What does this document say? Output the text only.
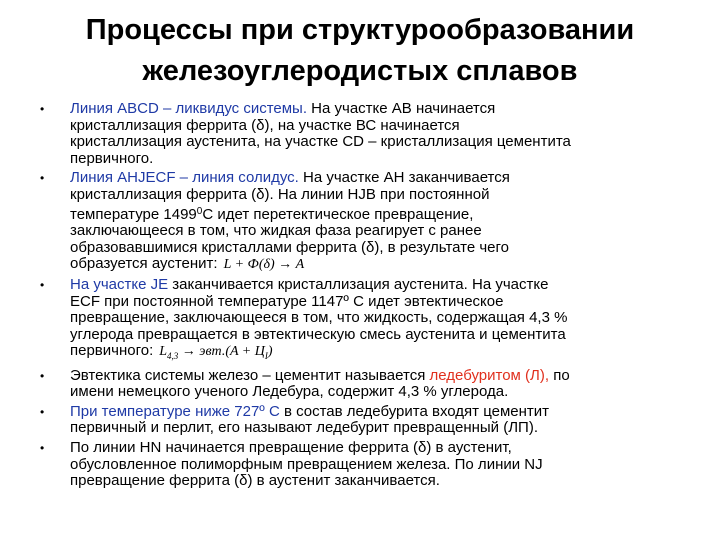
Процессы при структурообразовании
железоуглеродистых сплавов
•	Линия ABCD – ликвидус системы. На участке АВ начинается
кристаллизация феррита (δ), на участке ВС начинается
кристаллизация аустенита, на участке CD – кристаллизация цементита
первичного.
•	Линия AHJECF – линия солидус. На участке АН заканчивается
кристаллизация феррита (δ). На линии HJB при постоянной
температуре 1499$^0$С идет перетектическое превращение,
заключающееся в том, что жидкая фаза реагирует с ранее
образовавшимися кристаллами феррита (δ), в результате чего
образуется аустенит: L + Ф(δ) → A
•	На участке JE заканчивается кристаллизация аустенита. На участке
ECF при постоянной температуре 1147º С идет эвтектическое
превращение, заключающееся в том, что жидкость, содержащая 4,3 %
углерода превращается в эвтектическую смесь аустенита и цементита
первичного: $L_{4,3} \to эвт.(A + Ц_I)$
•	Эвтектика системы железо – цементит называется ледебуритом (Л), по
имени немецкого ученого Ледебура, содержит 4,3 % углерода.
•	При температуре ниже 727º С в состав ледебурита входят цементит
первичный и перлит, его называют ледебурит превращенный (ЛП).
•	По линии HN начинается превращение феррита (δ) в аустенит,
обусловленное полиморфным превращением железа. По линии NJ
превращение феррита (δ) в аустенит заканчивается.
